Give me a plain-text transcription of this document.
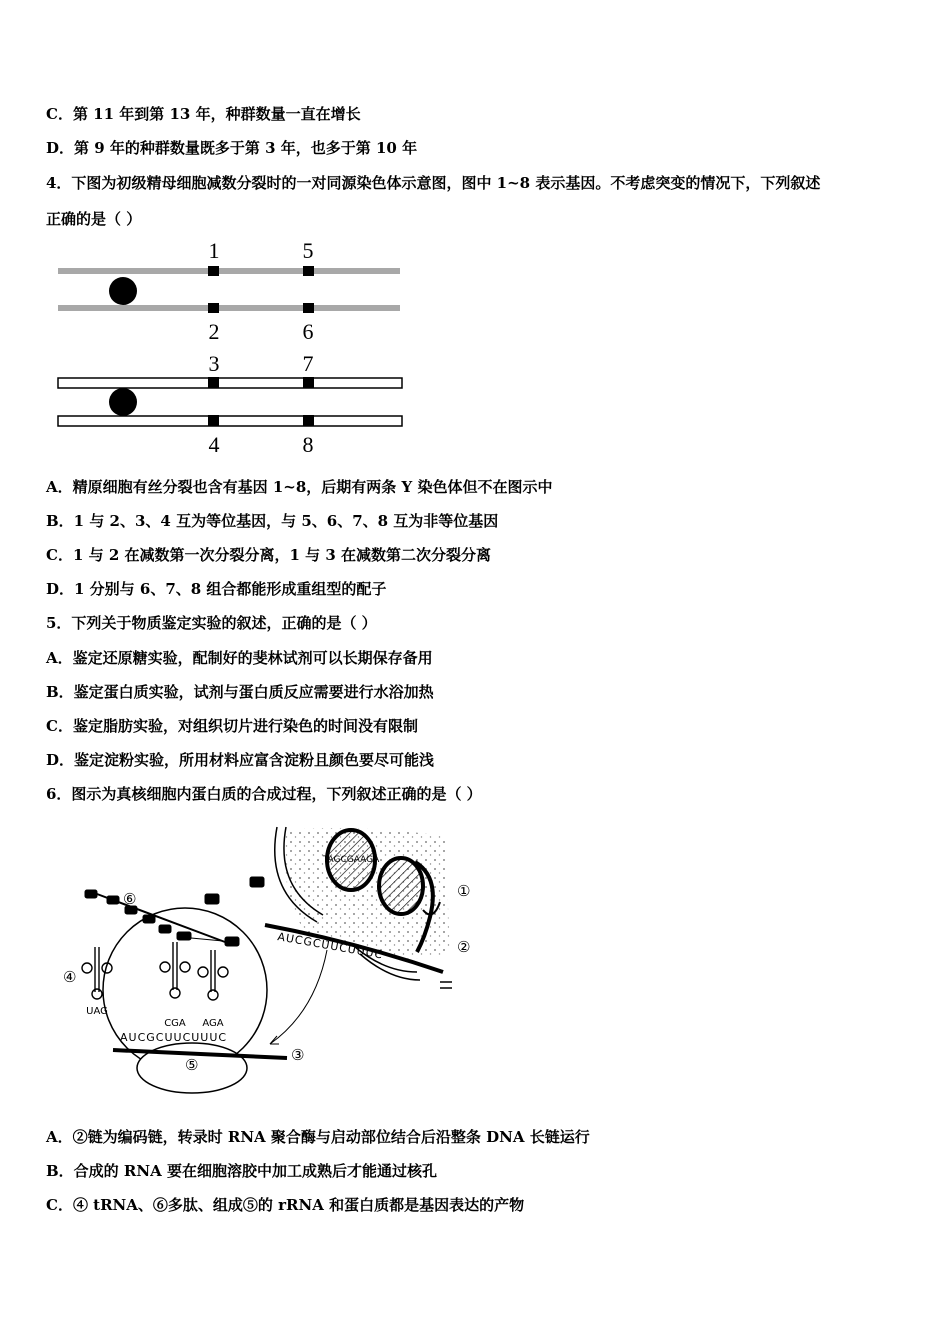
C．第 11 年到第 13 年，种群数量一直在增长
D．第 9 年的种群数量既多于第 3 年，也多于第 10 年
4．下图为初级精母细胞减数分裂时的一对同源染色体示意图，图中 1~8 表示基因。不考虑突变的情况下，下列叙述
正确的是（ ）
1	5
2	6
3	7
4	8
A．精原细胞有丝分裂也含有基因 1~8，后期有两条 Y 染色体但不在图示中
B．1 与 2、3、4 互为等位基因，与 5、6、7、8 互为非等位基因
C．1 与 2 在减数第一次分裂分离，1 与 3 在减数第二次分裂分离
D．1 分别与 6、7、8 组合都能形成重组型的配子
5．下列关于物质鉴定实验的叙述，正确的是（ ）
A．鉴定还原糖实验，配制好的斐林试剂可以长期保存备用
B．鉴定蛋白质实验，试剂与蛋白质反应需要进行水浴加热
C．鉴定脂肪实验，对组织切片进行染色的时间没有限制
D．鉴定淀粉实验，所用材料应富含淀粉且颜色要尽可能浅
6．图示为真核细胞内蛋白质的合成过程，下列叙述正确的是（ ）
TAGCGAAGA
AUCGCUUCUUUC
AUCGCUUCUUUC
UAG
CGA AGA
①
②
③
④
⑤
⑥
A．②链为编码链，转录时 RNA 聚合酶与启动部位结合后沿整条 DNA 长链运行
B．合成的 RNA 要在细胞溶胶中加工成熟后才能通过核孔
C．④ tRNA、⑥多肽、组成⑤的 rRNA 和蛋白质都是基因表达的产物
